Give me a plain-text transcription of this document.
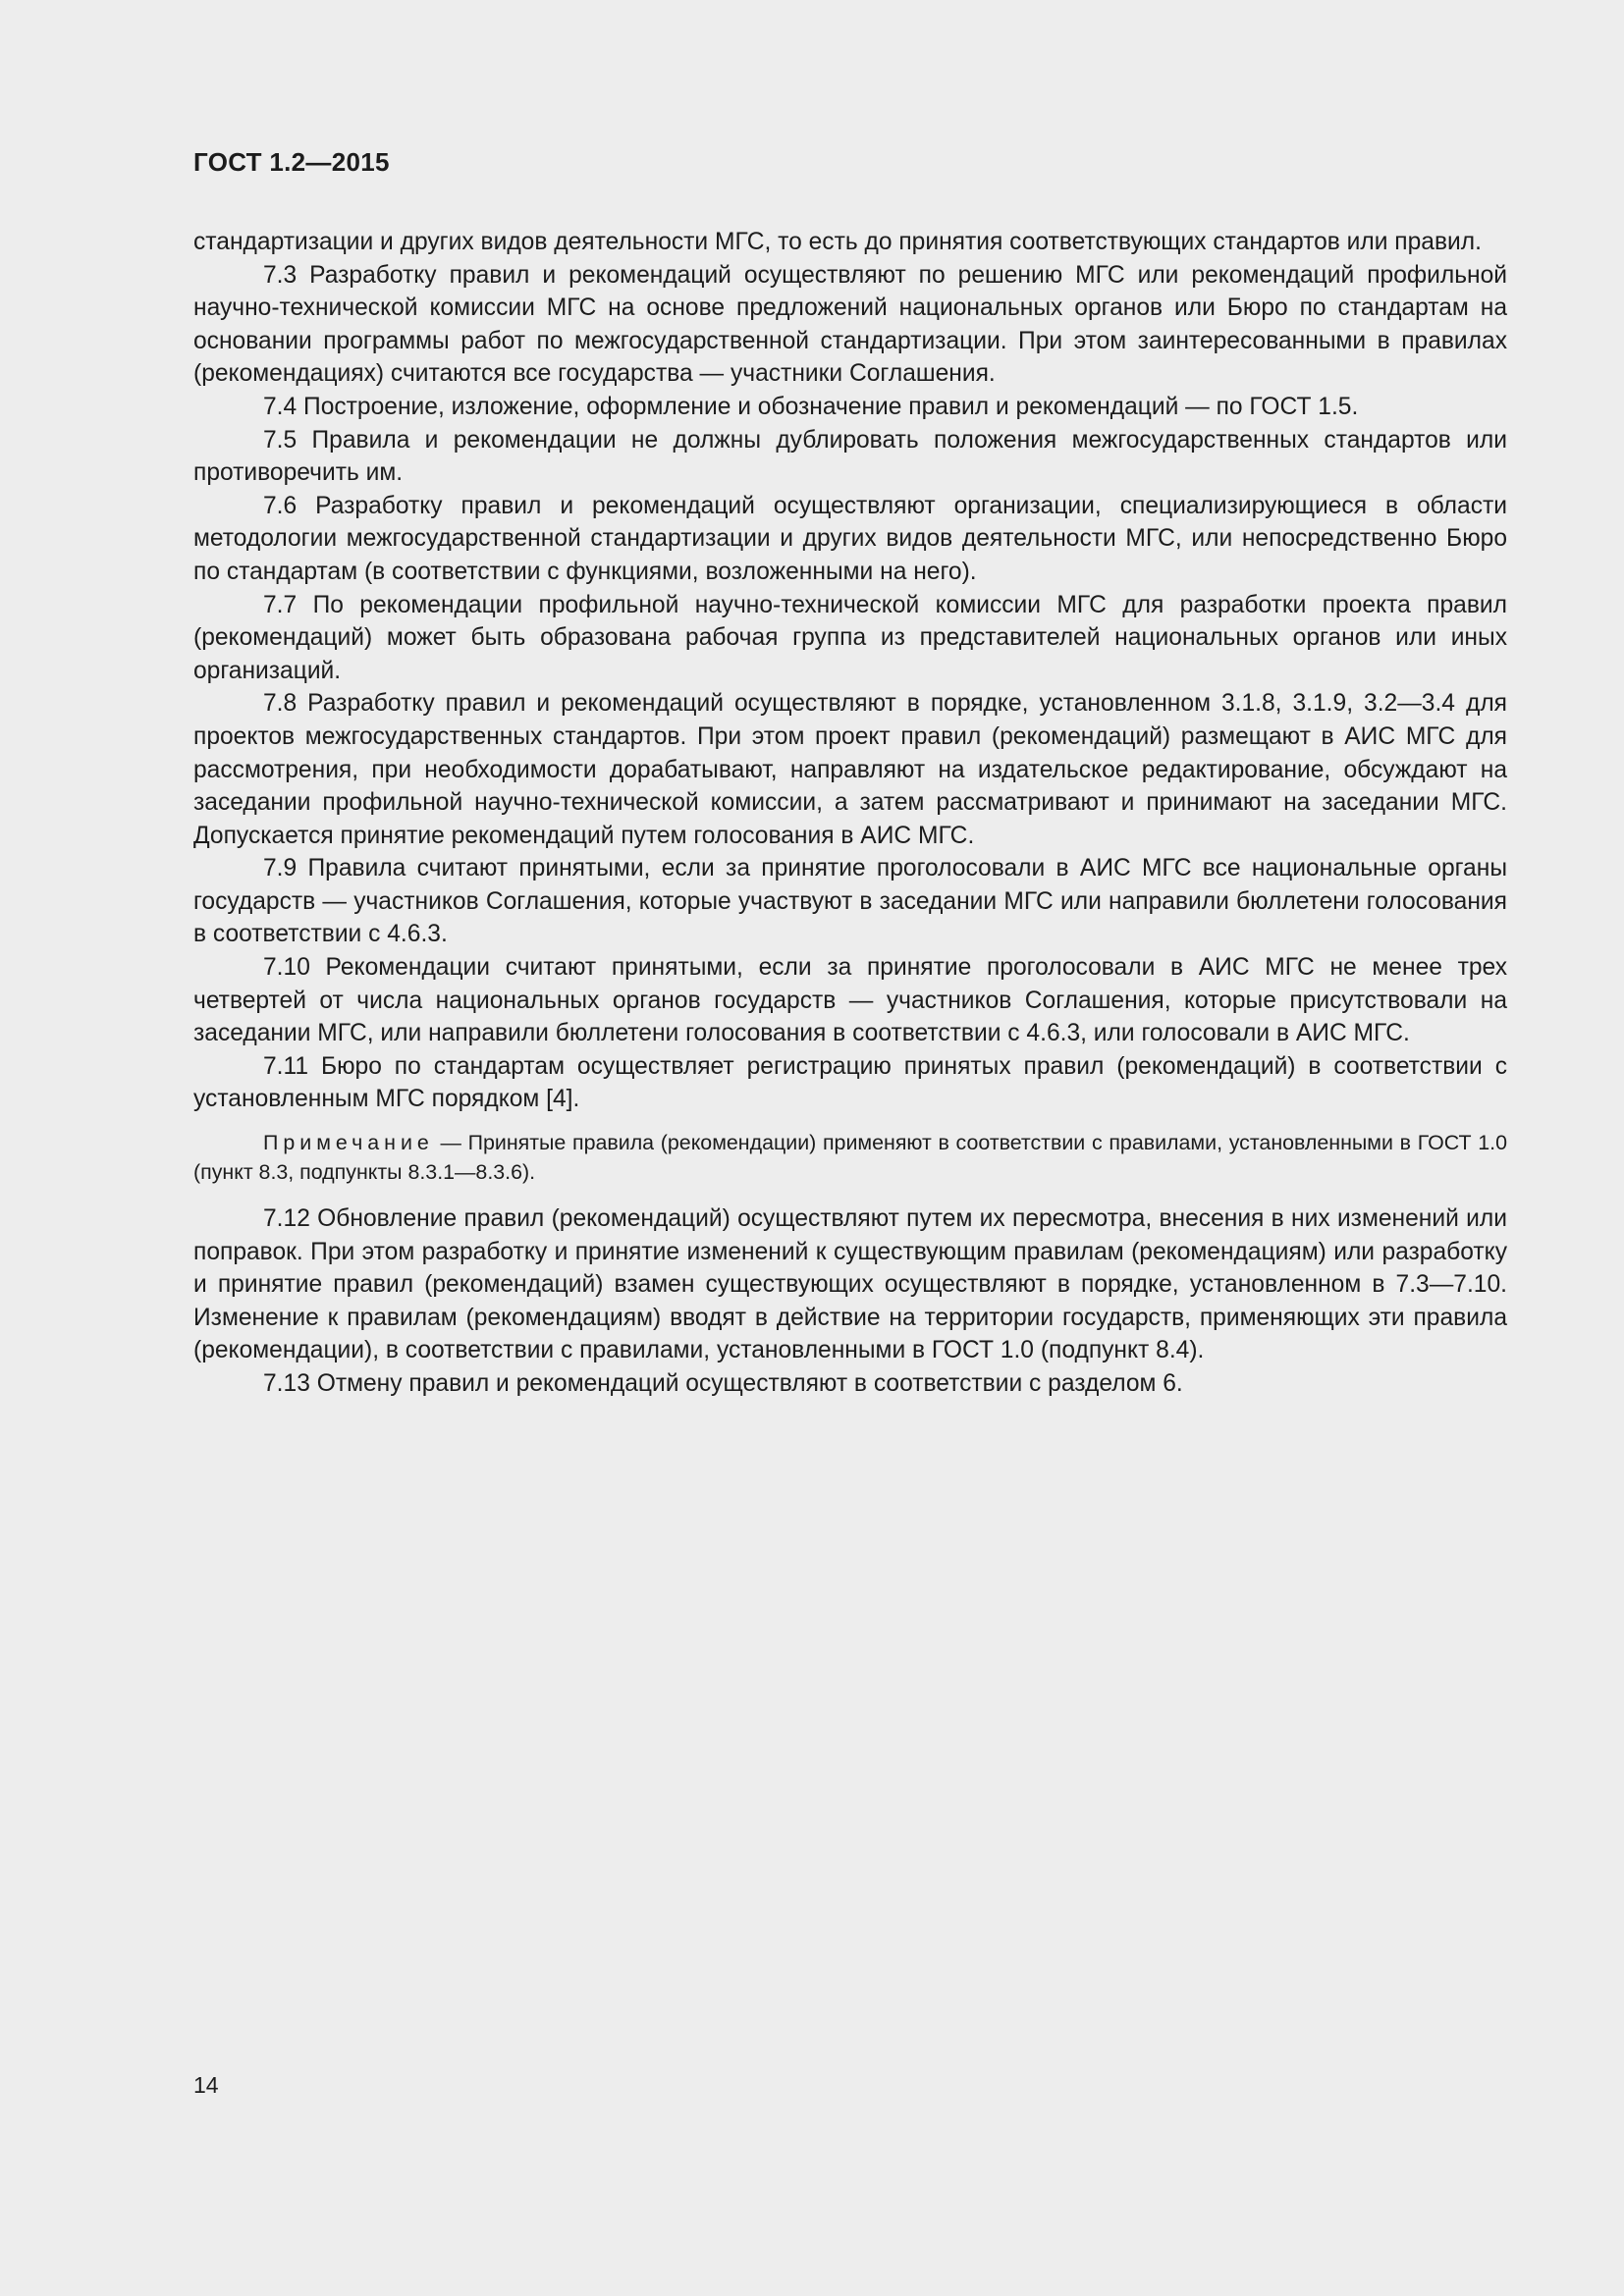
ГОСТ 1.2—2015

стандартизации и других видов деятельности МГС, то есть до принятия соответствующих стандартов или правил.

7.3 Разработку правил и рекомендаций осуществляют по решению МГС или рекомендаций профильной научно-технической комиссии МГС на основе предложений национальных органов или Бюро по стандартам на основании программы работ по межгосударственной стандартизации. При этом заинтересованными в правилах (рекомендациях) считаются все государства — участники Соглашения.

7.4 Построение, изложение, оформление и обозначение правил и рекомендаций — по ГОСТ 1.5.

7.5 Правила и рекомендации не должны дублировать положения межгосударственных стандартов или противоречить им.

7.6 Разработку правил и рекомендаций осуществляют организации, специализирующиеся в области методологии межгосударственной стандартизации и других видов деятельности МГС, или непосредственно Бюро по стандартам (в соответствии с функциями, возложенными на него).

7.7 По рекомендации профильной научно-технической комиссии МГС для разработки проекта правил (рекомендаций) может быть образована рабочая группа из представителей национальных органов или иных организаций.

7.8 Разработку правил и рекомендаций осуществляют в порядке, установленном 3.1.8, 3.1.9, 3.2—3.4 для проектов межгосударственных стандартов. При этом проект правил (рекомендаций) размещают в АИС МГС для рассмотрения, при необходимости дорабатывают, направляют на издательское редактирование, обсуждают на заседании профильной научно-технической комиссии, а затем рассматривают и принимают на заседании МГС. Допускается принятие рекомендаций путем голосования в АИС МГС.

7.9 Правила считают принятыми, если за принятие проголосовали в АИС МГС все национальные органы государств — участников Соглашения, которые участвуют в заседании МГС или направили бюллетени голосования в соответствии с 4.6.3.

7.10 Рекомендации считают принятыми, если за принятие проголосовали в АИС МГС не менее трех четвертей от числа национальных органов государств — участников Соглашения, которые присутствовали на заседании МГС, или направили бюллетени голосования в соответствии с 4.6.3, или голосовали в АИС МГС.

7.11 Бюро по стандартам осуществляет регистрацию принятых правил (рекомендаций) в соответствии с установленным МГС порядком [4].

Примечание — Принятые правила (рекомендации) применяют в соответствии с правилами, установленными в ГОСТ 1.0 (пункт 8.3, подпункты 8.3.1—8.3.6).

7.12 Обновление правил (рекомендаций) осуществляют путем их пересмотра, внесения в них изменений или поправок. При этом разработку и принятие изменений к существующим правилам (рекомендациям) или разработку и принятие правил (рекомендаций) взамен существующих осуществляют в порядке, установленном в 7.3—7.10. Изменение к правилам (рекомендациям) вводят в действие на территории государств, применяющих эти правила (рекомендации), в соответствии с правилами, установленными в ГОСТ 1.0 (подпункт 8.4).

7.13 Отмену правил и рекомендаций осуществляют в соответствии с разделом 6.

14
